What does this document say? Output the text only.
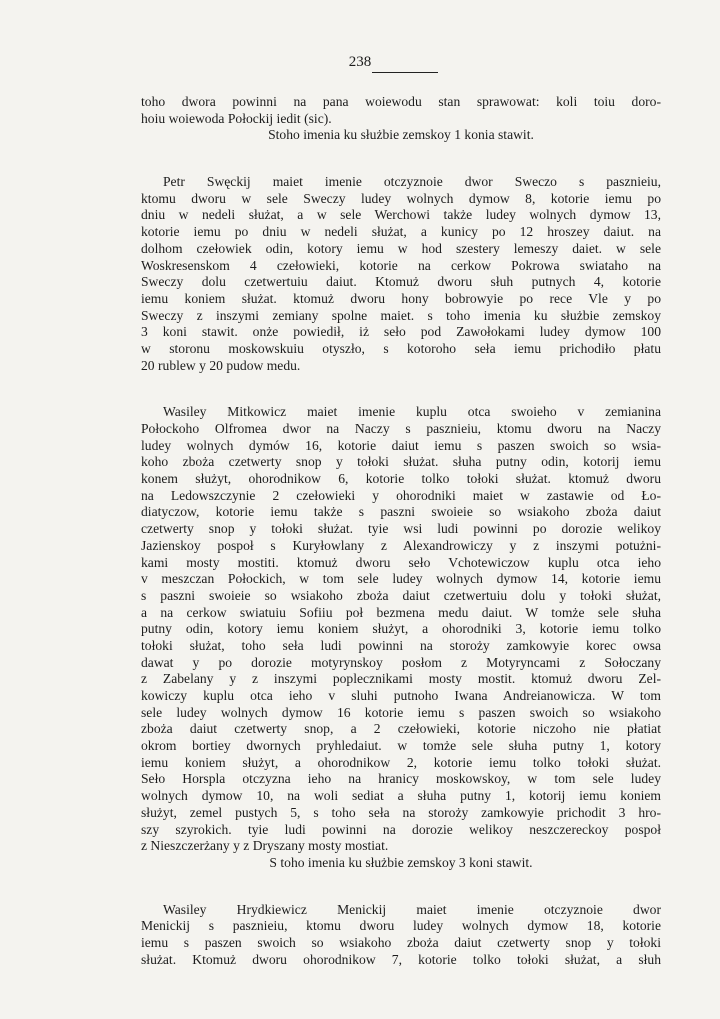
238
toho dwora powinni na pana woiewodu stan sprawowat: koli toiu doro-
hoiu woiewoda Połockij iedit (sic).
Stoho imenia ku służbie zemskoy 1 konia stawit.
Petr Swęckij maiet imenie otczyznoie dwor Sweczo s pasznieiu,
ktomu dworu w sele Sweczy ludey wolnych dymow 8, kotorie iemu po
dniu w nedeli służat, a w sele Werchowi także ludey wolnych dymow 13,
kotorie iemu po dniu w nedeli służat, a kunicy po 12 hroszey daiut. na
dolhom czełowiek odin, kotory iemu w hod szestery lemeszy daiet. w sele
Woskresenskom 4 czełowieki, kotorie na cerkow Pokrowa swiataho na
Sweczy dolu czetwertuiu daiut. Ktomuż dworu słuh putnych 4, kotorie
iemu koniem służat. ktomuż dworu hony bobrowyie po rece Vle y po
Sweczy z inszymi zemiany spolne maiet. s toho imenia ku służbie zemskoy
3 koni stawit. onże powiedił, iż seło pod Zawołokami ludey dymow 100
w storonu moskowskuiu otyszło, s kotoroho seła iemu prichodiło płatu
20 rublew y 20 pudow medu.
Wasiley Mitkowicz maiet imenie kuplu otca swoieho v zemianina
Połockoho Olfromea dwor na Naczy s pasznieiu, ktomu dworu na Naczy
ludey wolnych dymów 16, kotorie daiut iemu s paszen swoich so wsia-
koho zboża czetwerty snop y tołoki służat. słuha putny odin, kotorij iemu
konem służyt, ohorodnikow 6, kotorie tolko tołoki służat. ktomuż dworu
na Ledowszczynie 2 czełowieki y ohorodniki maiet w zastawie od Ło-
diatyczow, kotorie iemu także s paszni swoieie so wsiakoho zboża daiut
czetwerty snop y tołoki służat. tyie wsi ludi powinni po dorozie welikoy
Jazienskoy pospoł s Kuryłowlany z Alexandrowiczy y z inszymi potużni-
kami mosty mostiti. ktomuż dworu seło Vchotewiczow kuplu otca ieho
v meszczan Połockich, w tom sele ludey wolnych dymow 14, kotorie iemu
s paszni swoieie so wsiakoho zboża daiut czetwertuiu dolu y tołoki służat,
a na cerkow swiatuiu Sofiiu poł bezmena medu daiut. W tomże sele słuha
putny odin, kotory iemu koniem służyt, a ohorodniki 3, kotorie iemu tolko
tołoki służat, toho seła ludi powinni na storoży zamkowyie korec owsa
dawat y po dorozie motyrynskoy posłom z Motyryncami z Sołoczany
z Zabelany y z inszymi poplecznikami mosty mostit. ktomuż dworu Zel-
kowiczy kuplu otca ieho v sluhi putnoho Iwana Andreianowicza. W tom
sele ludey wolnych dymow 16 kotorie iemu s paszen swoich so wsiakoho
zboża daiut czetwerty snop, a 2 czełowieki, kotorie niczoho nie płatiat
okrom bortiey dwornych pryhledaiut. w tomże sele słuha putny 1, kotory
iemu koniem służyt, a ohorodnikow 2, kotorie iemu tolko tołoki służat.
Seło Horspla otczyzna ieho na hranicy moskowskoy, w tom sele ludey
wolnych dymow 10, na woli sediat a słuha putny 1, kotorij iemu koniem
służyt, zemel pustych 5, s toho seła na storoży zamkowyie prichodit 3 hro-
szy szyrokich. tyie ludi powinni na dorozie welikoy neszczereckoy pospoł
z Nieszczerżany y z Dryszany mosty mostiat.
S toho imenia ku służbie zemskoy 3 koni stawit.
Wasiley Hrydkiewicz Menickij maiet imenie otczyznoie dwor
Menickij s pasznieiu, ktomu dworu ludey wolnych dymow 18, kotorie
iemu s paszen swoich so wsiakoho zboża daiut czetwerty snop y tołoki
służat. Ktomuż dworu ohorodnikow 7, kotorie tolko tołoki służat, a słuh
